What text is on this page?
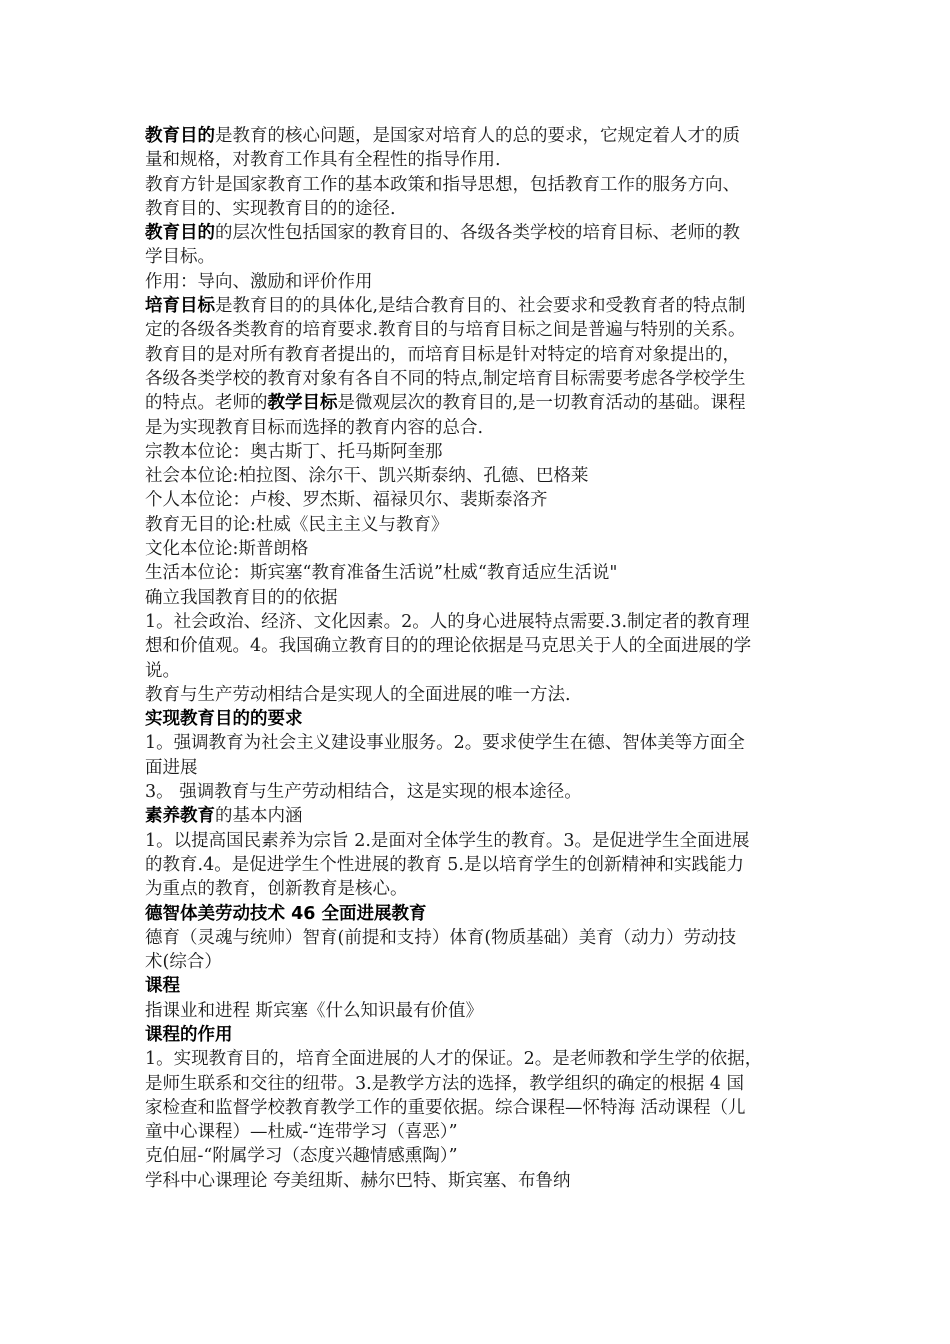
教育目的是教育的核心问题，是国家对培育人的总的要求，它规定着人才的质
量和规格，对教育工作具有全程性的指导作用.
教育方针是国家教育工作的基本政策和指导思想，包括教育工作的服务方向、
教育目的、实现教育目的的途径.
教育目的的层次性包括国家的教育目的、各级各类学校的培育目标、老师的教
学目标。
作用：导向、激励和评价作用
培育目标是教育目的的具体化,是结合教育目的、社会要求和受教育者的特点制
定的各级各类教育的培育要求.教育目的与培育目标之间是普遍与特别的关系。
教育目的是对所有教育者提出的，而培育目标是针对特定的培育对象提出的，
各级各类学校的教育对象有各自不同的特点,制定培育目标需要考虑各学校学生
的特点。老师的教学目标是微观层次的教育目的,是一切教育活动的基础。课程
是为实现教育目标而选择的教育内容的总合.
宗教本位论：奥古斯丁、托马斯阿奎那
社会本位论:柏拉图、涂尔干、凯兴斯泰纳、孔德、巴格莱
个人本位论：卢梭、罗杰斯、福禄贝尔、裴斯泰洛齐
教育无目的论:杜威《民主主义与教育》
文化本位论:斯普朗格
生活本位论：斯宾塞“教育准备生活说”杜威“教育适应生活说"
确立我国教育目的的依据
1。社会政治、经济、文化因素。2。人的身心进展特点需要.3.制定者的教育理
想和价值观。4。我国确立教育目的的理论依据是马克思关于人的全面进展的学
说。
教育与生产劳动相结合是实现人的全面进展的唯一方法.
实现教育目的的要求
1。强调教育为社会主义建设事业服务。2。要求使学生在德、智体美等方面全
面进展
3。 强调教育与生产劳动相结合，这是实现的根本途径。
素养教育的基本内涵
1。以提高国民素养为宗旨 2.是面对全体学生的教育。3。是促进学生全面进展
的教育.4。是促进学生个性进展的教育 5.是以培育学生的创新精神和实践能力
为重点的教育，创新教育是核心。
德智体美劳动技术 46 全面进展教育
德育（灵魂与统帅）智育(前提和支持）体育(物质基础）美育（动力）劳动技
术(综合）
课程
指课业和进程 斯宾塞《什么知识最有价值》
课程的作用
1。实现教育目的，培育全面进展的人才的保证。2。是老师教和学生学的依据，
是师生联系和交往的纽带。3.是教学方法的选择，教学组织的确定的根据 4 国
家检查和监督学校教育教学工作的重要依据。综合课程—怀特海 活动课程（儿
童中心课程）—杜威-“连带学习（喜恶）”
克伯屈-“附属学习（态度兴趣情感熏陶）”
学科中心课理论 夸美纽斯、赫尔巴特、斯宾塞、布鲁纳
